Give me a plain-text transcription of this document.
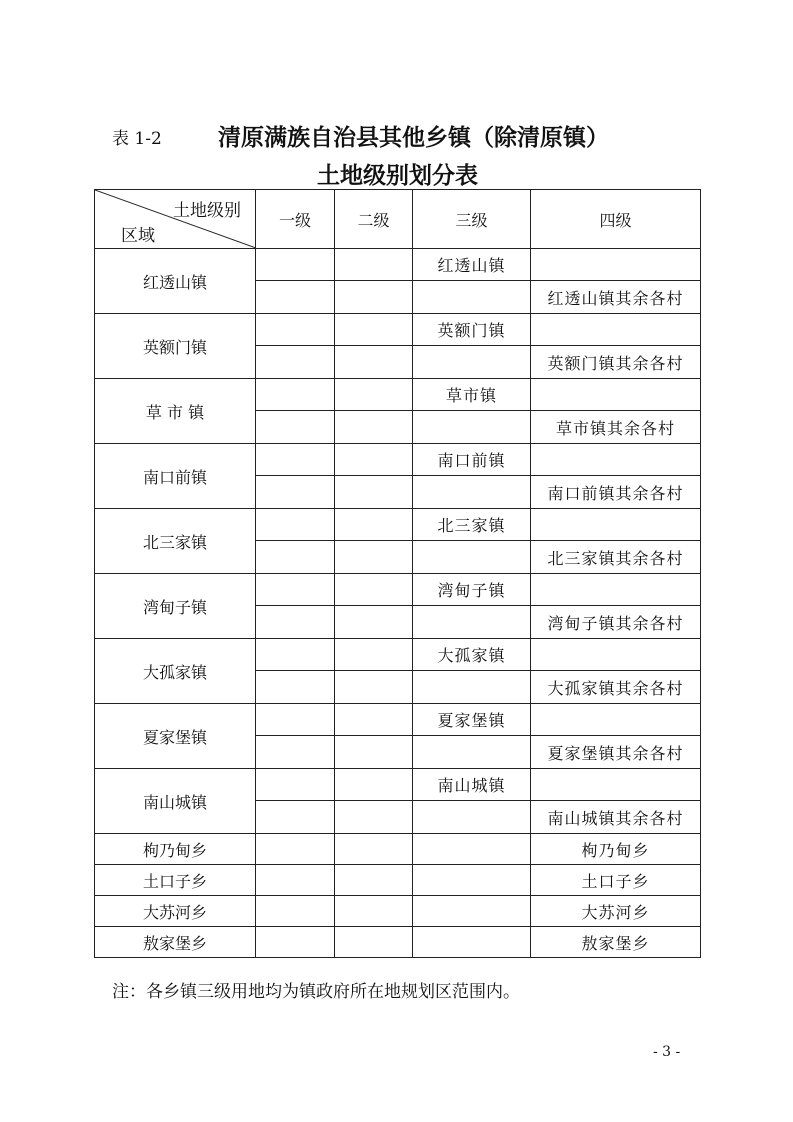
表 1-2 清原满族自治县其他乡镇（除清原镇）
土地级别划分表
土地级别
区域	一级	二级	三级	四级
红透山镇			红透山镇	
				红透山镇其余各村
英额门镇			英额门镇	
				英额门镇其余各村
草 市 镇			草市镇	
				草市镇其余各村
南口前镇			南口前镇	
				南口前镇其余各村
北三家镇			北三家镇	
				北三家镇其余各村
湾甸子镇			湾甸子镇	
				湾甸子镇其余各村
大孤家镇			大孤家镇	
				大孤家镇其余各村
夏家堡镇			夏家堡镇	
				夏家堡镇其余各村
南山城镇			南山城镇	
				南山城镇其余各村
枸乃甸乡				枸乃甸乡
土口子乡				土口子乡
大苏河乡				大苏河乡
敖家堡乡				敖家堡乡
注：各乡镇三级用地均为镇政府所在地规划区范围内。
- 3 -
